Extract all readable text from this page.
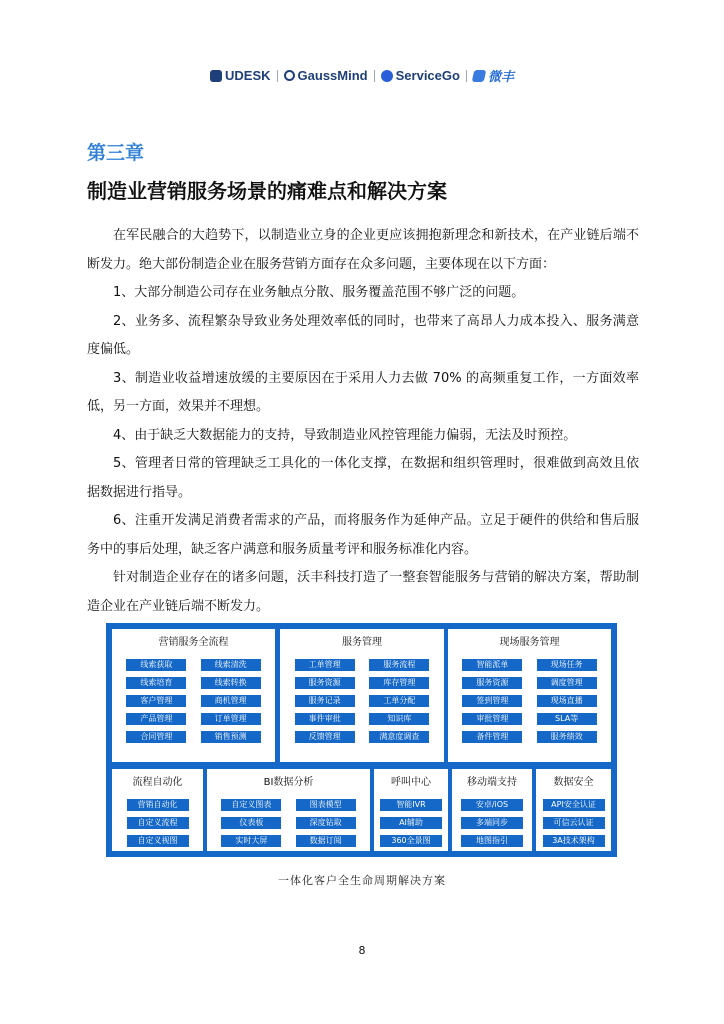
UDESK GaussMind ServiceGo 微丰
第三章
制造业营销服务场景的痛难点和解决方案

在军民融合的大趋势下，以制造业立身的企业更应该拥抱新理念和新技术，在产业链后端不断发力。绝大部份制造企业在服务营销方面存在众多问题，主要体现在以下方面：

1、大部分制造公司存在业务触点分散、服务覆盖范围不够广泛的问题。

2、业务多、流程繁杂导致业务处理效率低的同时，也带来了高昂人力成本投入、服务满意度偏低。

3、制造业收益增速放缓的主要原因在于采用人力去做 70% 的高频重复工作，一方面效率低，另一方面，效果并不理想。

4、由于缺乏大数据能力的支持，导致制造业风控管理能力偏弱，无法及时预控。

5、管理者日常的管理缺乏工具化的一体化支撑，在数据和组织管理时，很难做到高效且依据数据进行指导。

6、注重开发满足消费者需求的产品，而将服务作为延伸产品。立足于硬件的供给和售后服务中的事后处理，缺乏客户满意和服务质量考评和服务标准化内容。

针对制造企业存在的诸多问题，沃丰科技打造了一整套智能服务与营销的解决方案，帮助制造企业在产业链后端不断发力。

营销服务全流程
线索获取	线索清洗
线索培育	线索转换
客户管理	商机管理
产品管理	订单管理
合同管理	销售预测
服务管理
工单管理	服务流程
服务资源	库存管理
服务记录	工单分配
事件审批	知识库
反馈管理	满意度调查
现场服务管理
智能派单	现场任务
服务资源	调度管理
签到管理	现场直播
审批管理	SLA等
备件管理	服务绩效
流程自动化
营销自动化
自定义流程
自定义视图
BI数据分析
自定义图表	图表模型
仪表板	深度钻取
实时大屏	数据订阅
呼叫中心
智能IVR
AI辅助
360全景图
移动端支持
安卓/iOS
多端同步
地图指引
数据安全
API安全认证
可信云认证
3A技术架构
一体化客户全生命周期解决方案
8
